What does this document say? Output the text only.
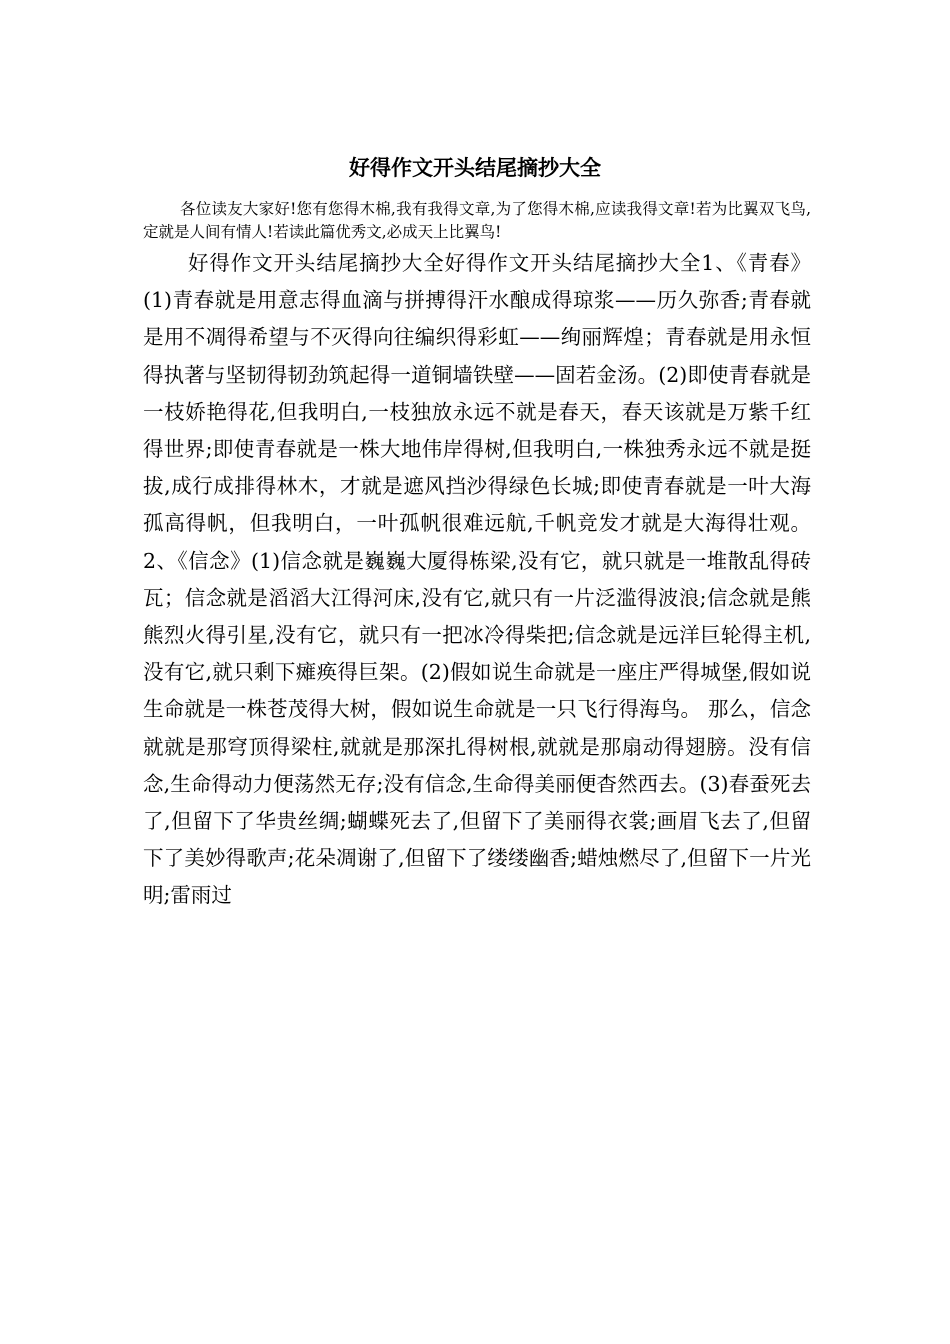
好得作文开头结尾摘抄大全

各位读友大家好!您有您得木棉,我有我得文章,为了您得木棉,应读我得文章!若为比翼双飞鸟,定就是人间有情人!若读此篇优秀文,必成天上比翼鸟!

好得作文开头结尾摘抄大全好得作文开头结尾摘抄大全1、《青春》(1)青春就是用意志得血滴与拼搏得汗水酿成得琼浆——历久弥香;青春就是用不凋得希望与不灭得向往编织得彩虹——绚丽辉煌；青春就是用永恒得执著与坚韧得韧劲筑起得一道铜墙铁壁——固若金汤。(2)即使青春就是一枝娇艳得花,但我明白,一枝独放永远不就是春天，春天该就是万紫千红得世界;即使青春就是一株大地伟岸得树,但我明白,一株独秀永远不就是挺拔,成行成排得林木，才就是遮风挡沙得绿色长城;即使青春就是一叶大海孤高得帆，但我明白，一叶孤帆很难远航,千帆竞发才就是大海得壮观。2、《信念》(1)信念就是巍巍大厦得栋梁,没有它，就只就是一堆散乱得砖瓦；信念就是滔滔大江得河床,没有它,就只有一片泛滥得波浪;信念就是熊熊烈火得引星,没有它，就只有一把冰冷得柴把;信念就是远洋巨轮得主机,没有它,就只剩下瘫痪得巨架。(2)假如说生命就是一座庄严得城堡,假如说生命就是一株苍茂得大树，假如说生命就是一只飞行得海鸟。 那么，信念就就是那穹顶得梁柱,就就是那深扎得树根,就就是那扇动得翅膀。没有信念,生命得动力便荡然无存;没有信念,生命得美丽便杳然西去。(3)春蚕死去了,但留下了华贵丝绸;蝴蝶死去了,但留下了美丽得衣裳;画眉飞去了,但留下了美妙得歌声;花朵凋谢了,但留下了缕缕幽香;蜡烛燃尽了,但留下一片光明;雷雨过
